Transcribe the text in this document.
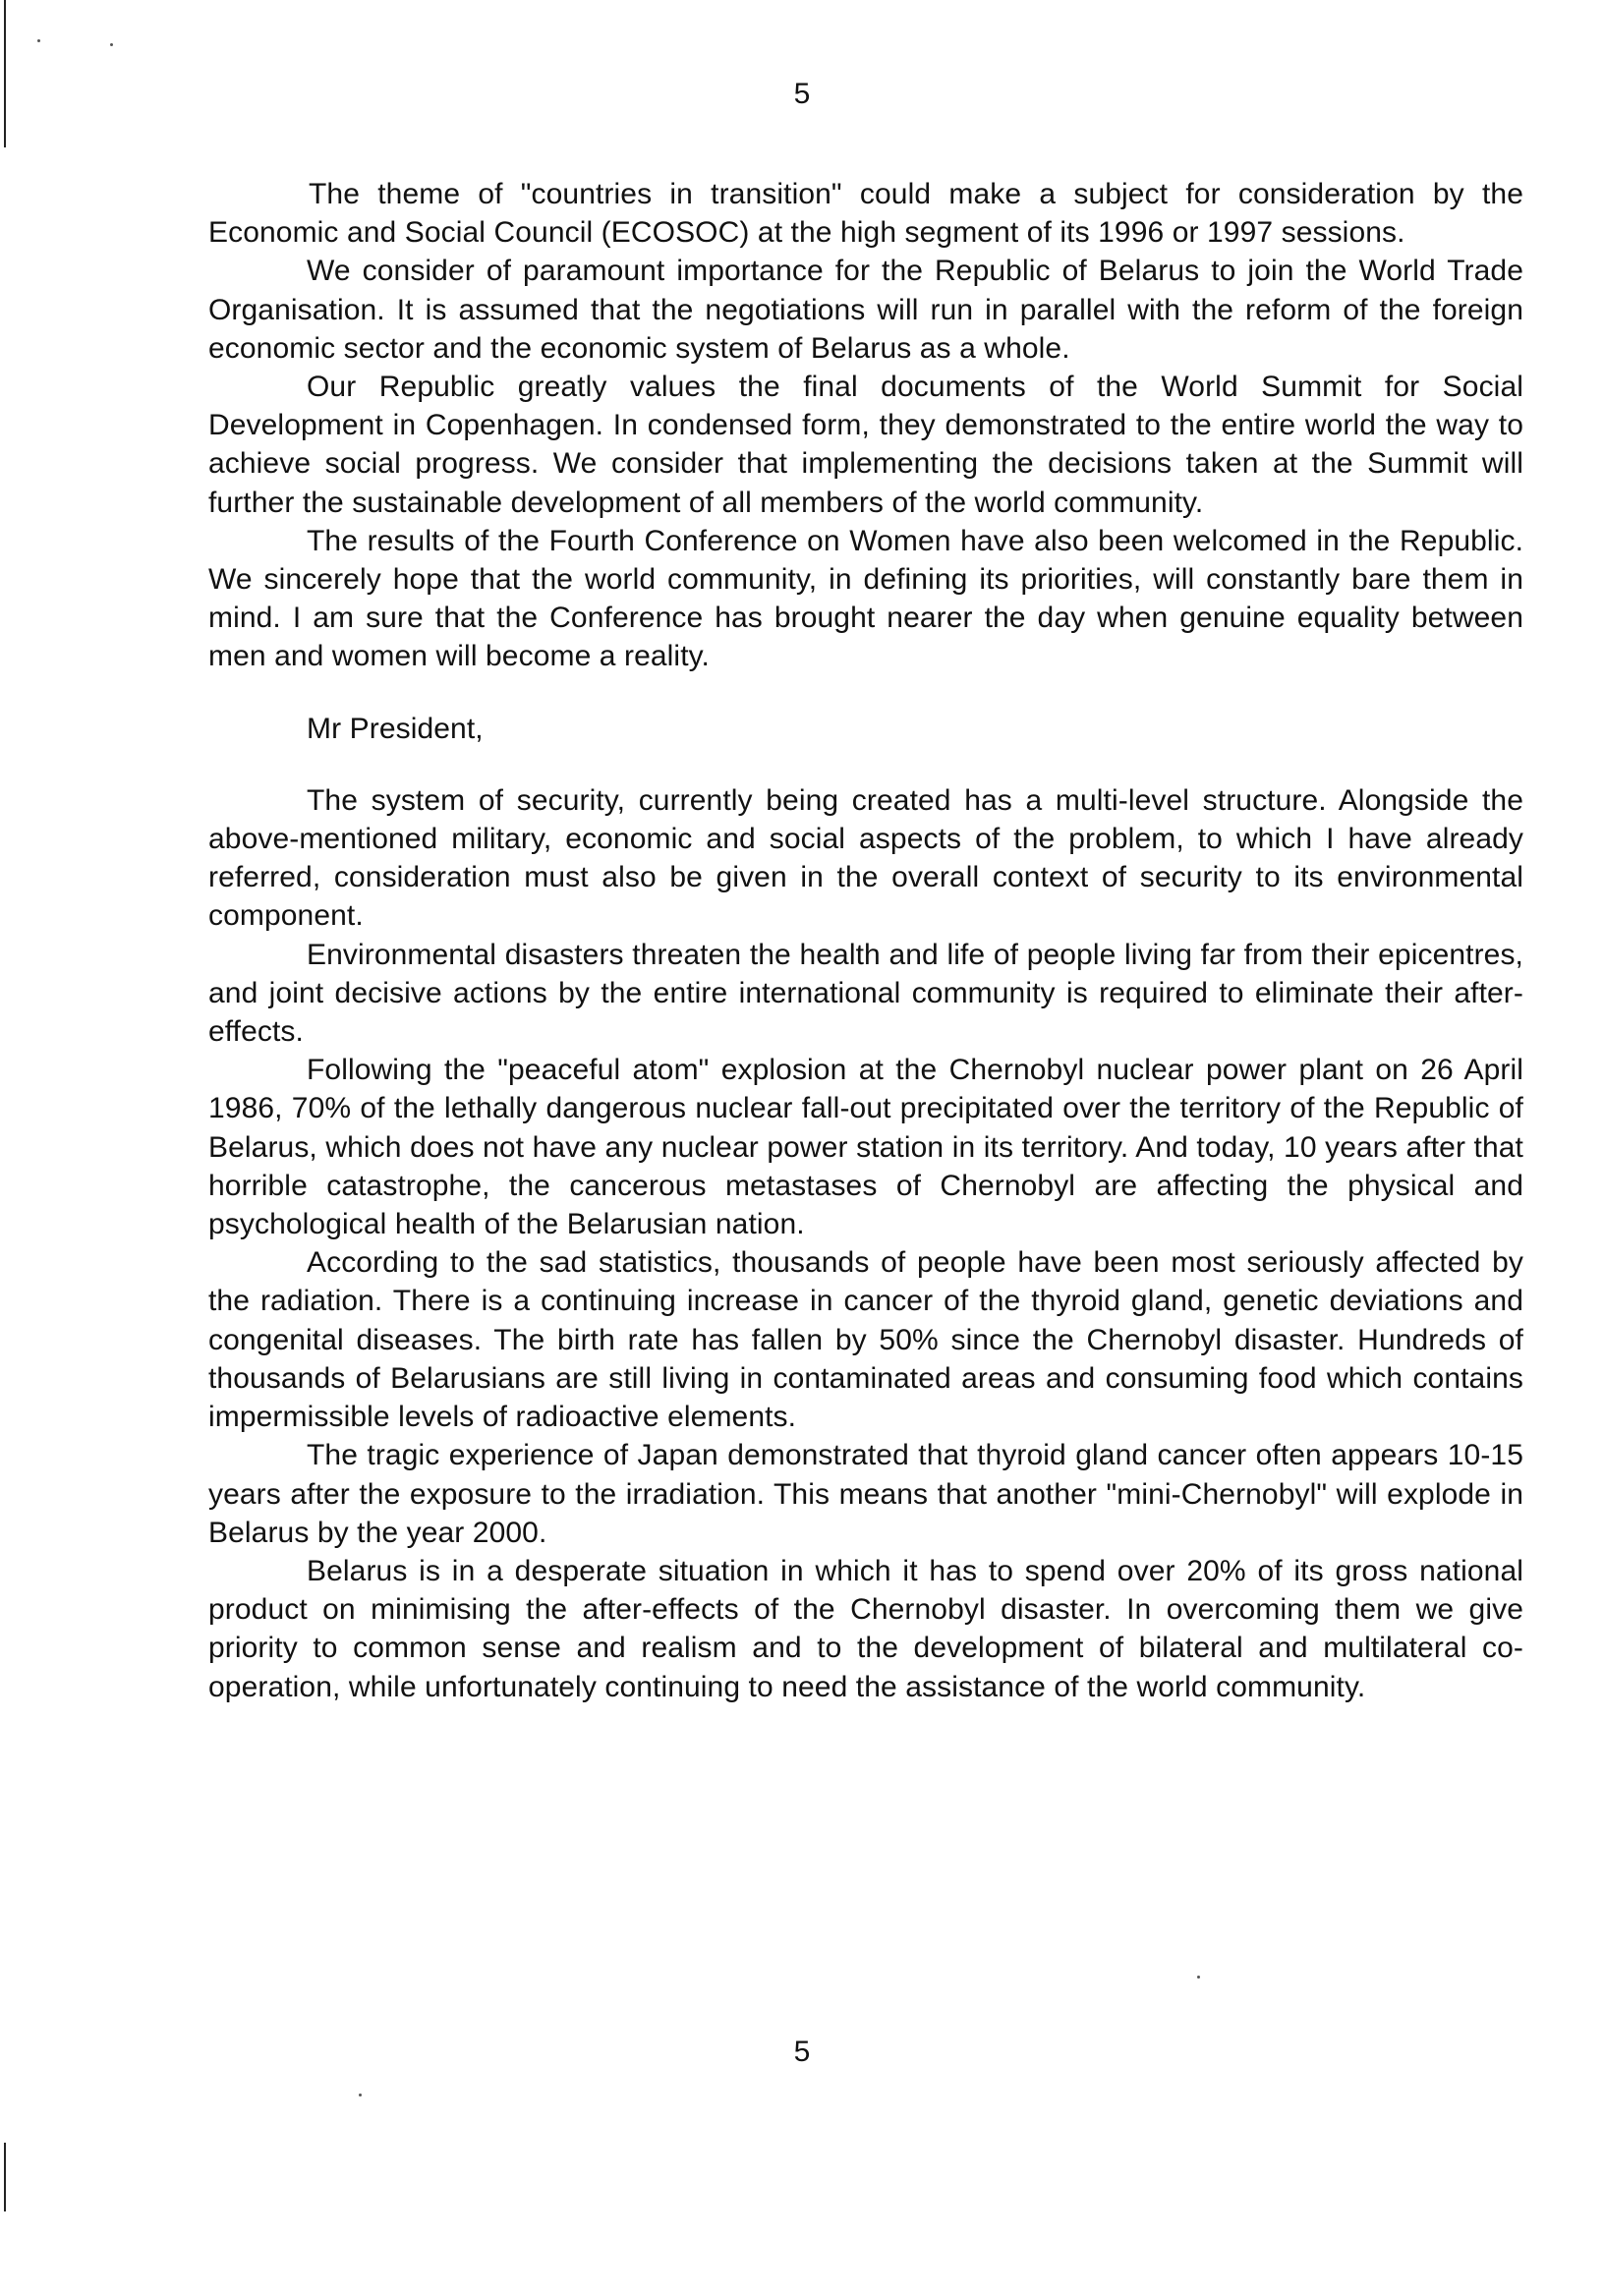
5

The theme of "countries in transition" could make a subject for consideration by the Economic and Social Council (ECOSOC) at the high segment of its 1996 or 1997 sessions.

We consider of paramount importance for the Republic of Belarus to join the World Trade Organisation. It is assumed that the negotiations will run in parallel with the reform of the foreign economic sector and the economic system of Belarus as a whole.

Our Republic greatly values the final documents of the World Summit for Social Development in Copenhagen. In condensed form, they demonstrated to the entire world the way to achieve social progress. We consider that implementing the decisions taken at the Summit will further the sustainable development of all members of the world community.

The results of the Fourth Conference on Women have also been welcomed in the Republic. We sincerely hope that the world community, in defining its priorities, will constantly bare them in mind. I am sure that the Conference has brought nearer the day when genuine equality between men and women will become a reality.

Mr President,

The system of security, currently being created has a multi-level structure. Alongside the above-mentioned military, economic and social aspects of the problem, to which I have already referred, consideration must also be given in the overall context of security to its environmental component.

Environmental disasters threaten the health and life of people living far from their epicentres, and joint decisive actions by the entire international community is required to eliminate their after-effects.

Following the "peaceful atom" explosion at the Chernobyl nuclear power plant on 26 April 1986, 70% of the lethally dangerous nuclear fall-out precipitated over the territory of the Republic of Belarus, which does not have any nuclear power station in its territory. And today, 10 years after that horrible catastrophe, the cancerous metastases of Chernobyl are affecting the physical and psychological health of the Belarusian nation.

According to the sad statistics, thousands of people have been most seriously affected by the radiation. There is a continuing increase in cancer of the thyroid gland, genetic deviations and congenital diseases. The birth rate has fallen by 50% since the Chernobyl disaster. Hundreds of thousands of Belarusians are still living in contaminated areas and consuming food which contains impermissible levels of radioactive elements.

The tragic experience of Japan demonstrated that thyroid gland cancer often appears 10-15 years after the exposure to the irradiation. This means that another "mini-Chernobyl" will explode in Belarus by the year 2000.

Belarus is in a desperate situation in which it has to spend over 20% of its gross national product on minimising the after-effects of the Chernobyl disaster. In overcoming them we give priority to common sense and realism and to the development of bilateral and multilateral co-operation, while unfortunately continuing to need the assistance of the world community.

5
